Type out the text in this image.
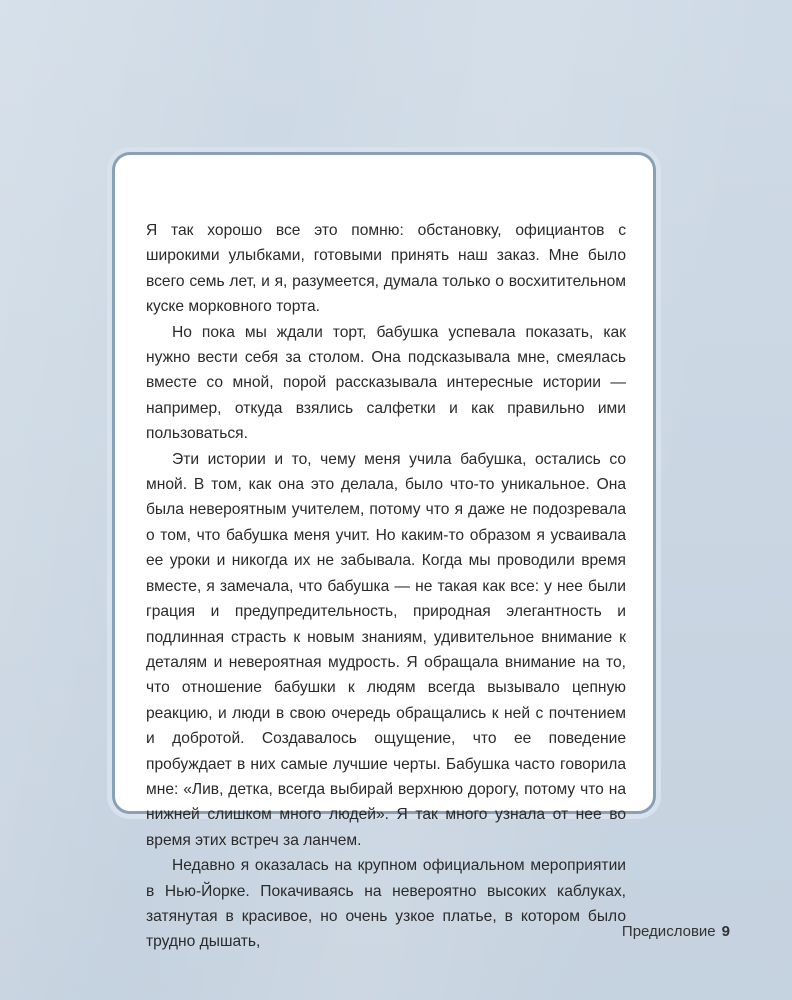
Я так хорошо все это помню: обстановку, официантов с широкими улыбками, готовыми принять наш заказ. Мне было всего семь лет, и я, разумеется, думала только о восхитительном куске морковного торта.

Но пока мы ждали торт, бабушка успевала показать, как нужно вести себя за столом. Она подсказывала мне, смеялась вместе со мной, порой рассказывала интересные истории — например, откуда взялись салфетки и как правильно ими пользоваться.

Эти истории и то, чему меня учила бабушка, остались со мной. В том, как она это делала, было что-то уникальное. Она была невероятным учителем, потому что я даже не подозревала о том, что бабушка меня учит. Но каким-то образом я усваивала ее уроки и никогда их не забывала. Когда мы проводили время вместе, я замечала, что бабушка — не такая как все: у нее были грация и предупредительность, природная элегантность и подлинная страсть к новым знаниям, удивительное внимание к деталям и невероятная мудрость. Я обращала внимание на то, что отношение бабушки к людям всегда вызывало цепную реакцию, и люди в свою очередь обращались к ней с почтением и добротой. Создавалось ощущение, что ее поведение пробуждает в них самые лучшие черты. Бабушка часто говорила мне: «Лив, детка, всегда выбирай верхнюю дорогу, потому что на нижней слишком много людей». Я так много узнала от нее во время этих встреч за ланчем.

Недавно я оказалась на крупном официальном мероприятии в Нью-Йорке. Покачиваясь на невероятно высоких каблуках, затянутая в красивое, но очень узкое платье, в котором было трудно дышать,

Предисловие 9
